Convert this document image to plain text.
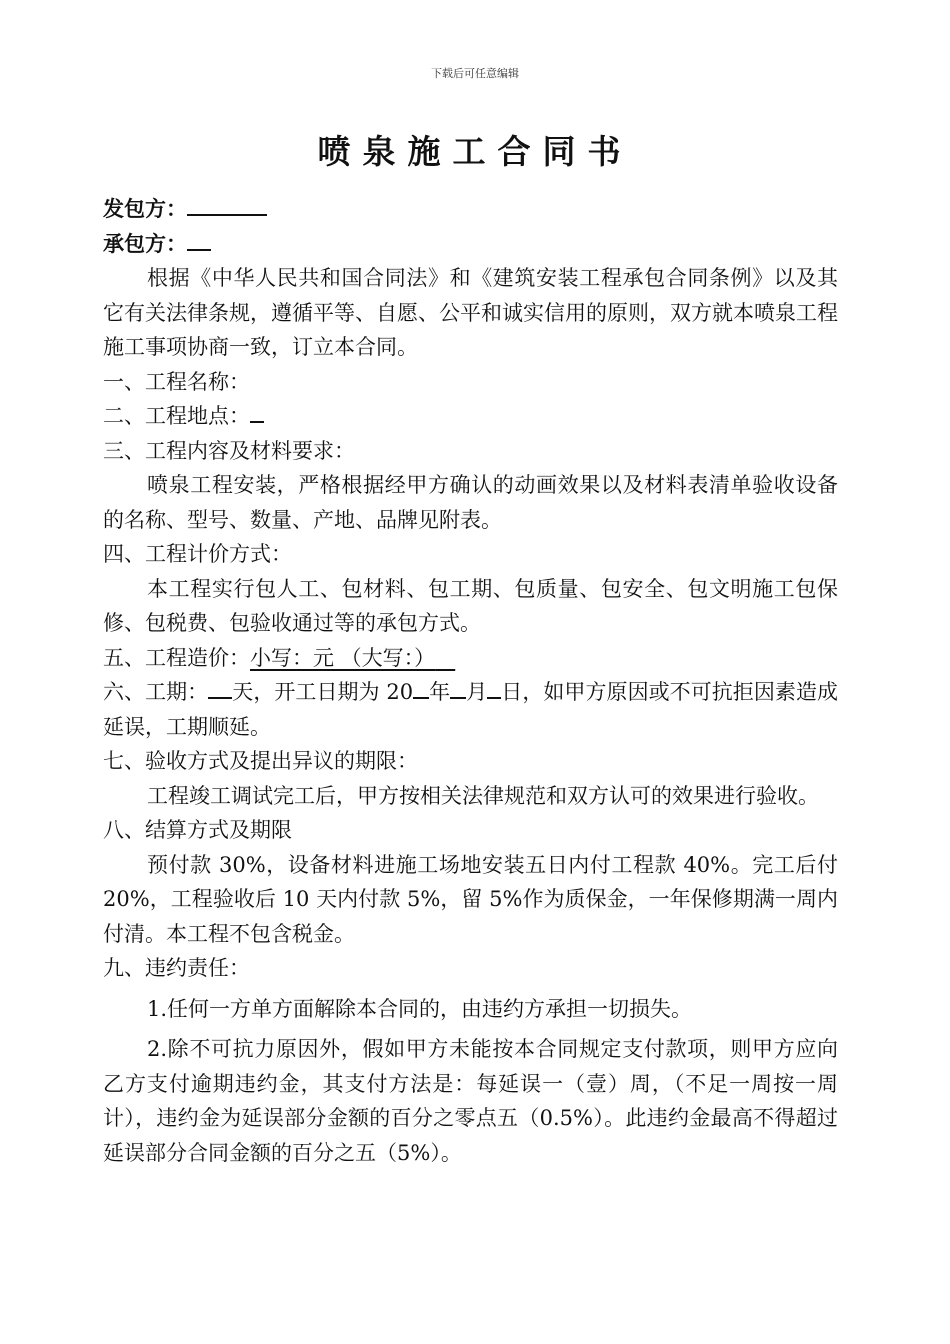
下载后可任意编辑
喷泉施工合同书
发包方：
承包方：

根据《中华人民共和国合同法》和《建筑安装工程承包合同条例》以及其它有关法律条规，遵循平等、自愿、公平和诚实信用的原则，双方就本喷泉工程施工事项协商一致，订立本合同。

一、工程名称：
二、工程地点：
三、工程内容及材料要求：

喷泉工程安装，严格根据经甲方确认的动画效果以及材料表清单验收设备的名称、型号、数量、产地、品牌见附表。

四、工程计价方式：

本工程实行包人工、包材料、包工期、包质量、包安全、包文明施工包保修、包税费、包验收通过等的承包方式。

五、工程造价：小写：元 （大写：）

六、工期： 天，开工日期为 20 年 月 日，如甲方原因或不可抗拒因素造成延误，工期顺延。

七、验收方式及提出异议的期限：

工程竣工调试完工后，甲方按相关法律规范和双方认可的效果进行验收。

八、结算方式及期限

预付款 30%，设备材料进施工场地安装五日内付工程款 40%。完工后付 20%，工程验收后 10 天内付款 5%，留 5%作为质保金，一年保修期满一周内付清。本工程不包含税金。

九、违约责任：

1.任何一方单方面解除本合同的，由违约方承担一切损失。

2.除不可抗力原因外，假如甲方未能按本合同规定支付款项，则甲方应向乙方支付逾期违约金，其支付方法是：每延误一（壹）周，（不足一周按一周计），违约金为延误部分金额的百分之零点五（0.5%）。此违约金最高不得超过延误部分合同金额的百分之五（5%）。
